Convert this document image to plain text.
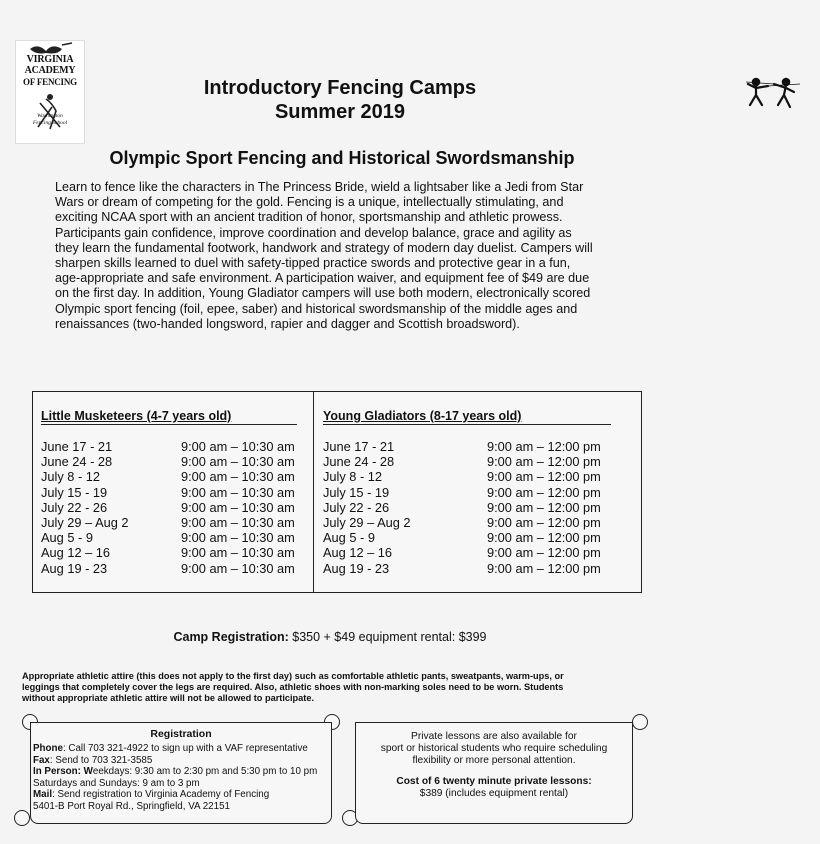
VIRGINIA
ACADEMY
OF FENCING
Washington Fencing School
Introductory Fencing Camps
Summer 2019
Olympic Sport Fencing and Historical Swordsmanship
Learn to fence like the characters in The Princess Bride, wield a lightsaber like a Jedi from Star
Wars or dream of competing for the gold. Fencing is a unique, intellectually stimulating, and
exciting NCAA sport with an ancient tradition of honor, sportsmanship and athletic prowess.
Participants gain confidence, improve coordination and develop balance, grace and agility as
they learn the fundamental footwork, handwork and strategy of modern day duelist. Campers will
sharpen skills learned to duel with safety-tipped practice swords and protective gear in a fun,
age-appropriate and safe environment. A participation waiver, and equipment fee of $49 are due
on the first day. In addition, Young Gladiator campers will use both modern, electronically scored
Olympic sport fencing (foil, epee, saber) and historical swordsmanship of the middle ages and
renaissances (two-handed longsword, rapier and dagger and Scottish broadsword).
Little Musketeers (4-7 years old)
June 17 - 21	9:00 am – 10:30 am
June 24 - 28	9:00 am – 10:30 am
July 8 - 12	9:00 am – 10:30 am
July 15 - 19	9:00 am – 10:30 am
July 22 - 26	9:00 am – 10:30 am
July 29 – Aug 2	9:00 am – 10:30 am
Aug 5 - 9	9:00 am – 10:30 am
Aug 12 – 16	9:00 am – 10:30 am
Aug 19 - 23	9:00 am – 10:30 am
Young Gladiators (8-17 years old)
June 17 - 21	9:00 am – 12:00 pm
June 24 - 28	9:00 am – 12:00 pm
July 8 - 12	9:00 am – 12:00 pm
July 15 - 19	9:00 am – 12:00 pm
July 22 - 26	9:00 am – 12:00 pm
July 29 – Aug 2	9:00 am – 12:00 pm
Aug 5 - 9	9:00 am – 12:00 pm
Aug 12 – 16	9:00 am – 12:00 pm
Aug 19 - 23	9:00 am – 12:00 pm
Camp Registration: $350 + $49 equipment rental: $399
Appropriate athletic attire (this does not apply to the first day) such as comfortable athletic pants, sweatpants, warm-ups, or
leggings that completely cover the legs are required. Also, athletic shoes with non-marking soles need to be worn. Students
without appropriate athletic attire will not be allowed to participate.
Registration
Phone: Call 703 321-4922 to sign up with a VAF representative
Fax: Send to 703 321-3585
In Person: Weekdays: 9:30 am to 2:30 pm and 5:30 pm to 10 pm
Saturdays and Sundays: 9 am to 3 pm
Mail: Send registration to Virginia Academy of Fencing
5401-B Port Royal Rd., Springfield, VA 22151
Private lessons are also available for
sport or historical students who require scheduling
flexibility or more personal attention.
Cost of 6 twenty minute private lessons:
$389 (includes equipment rental)
